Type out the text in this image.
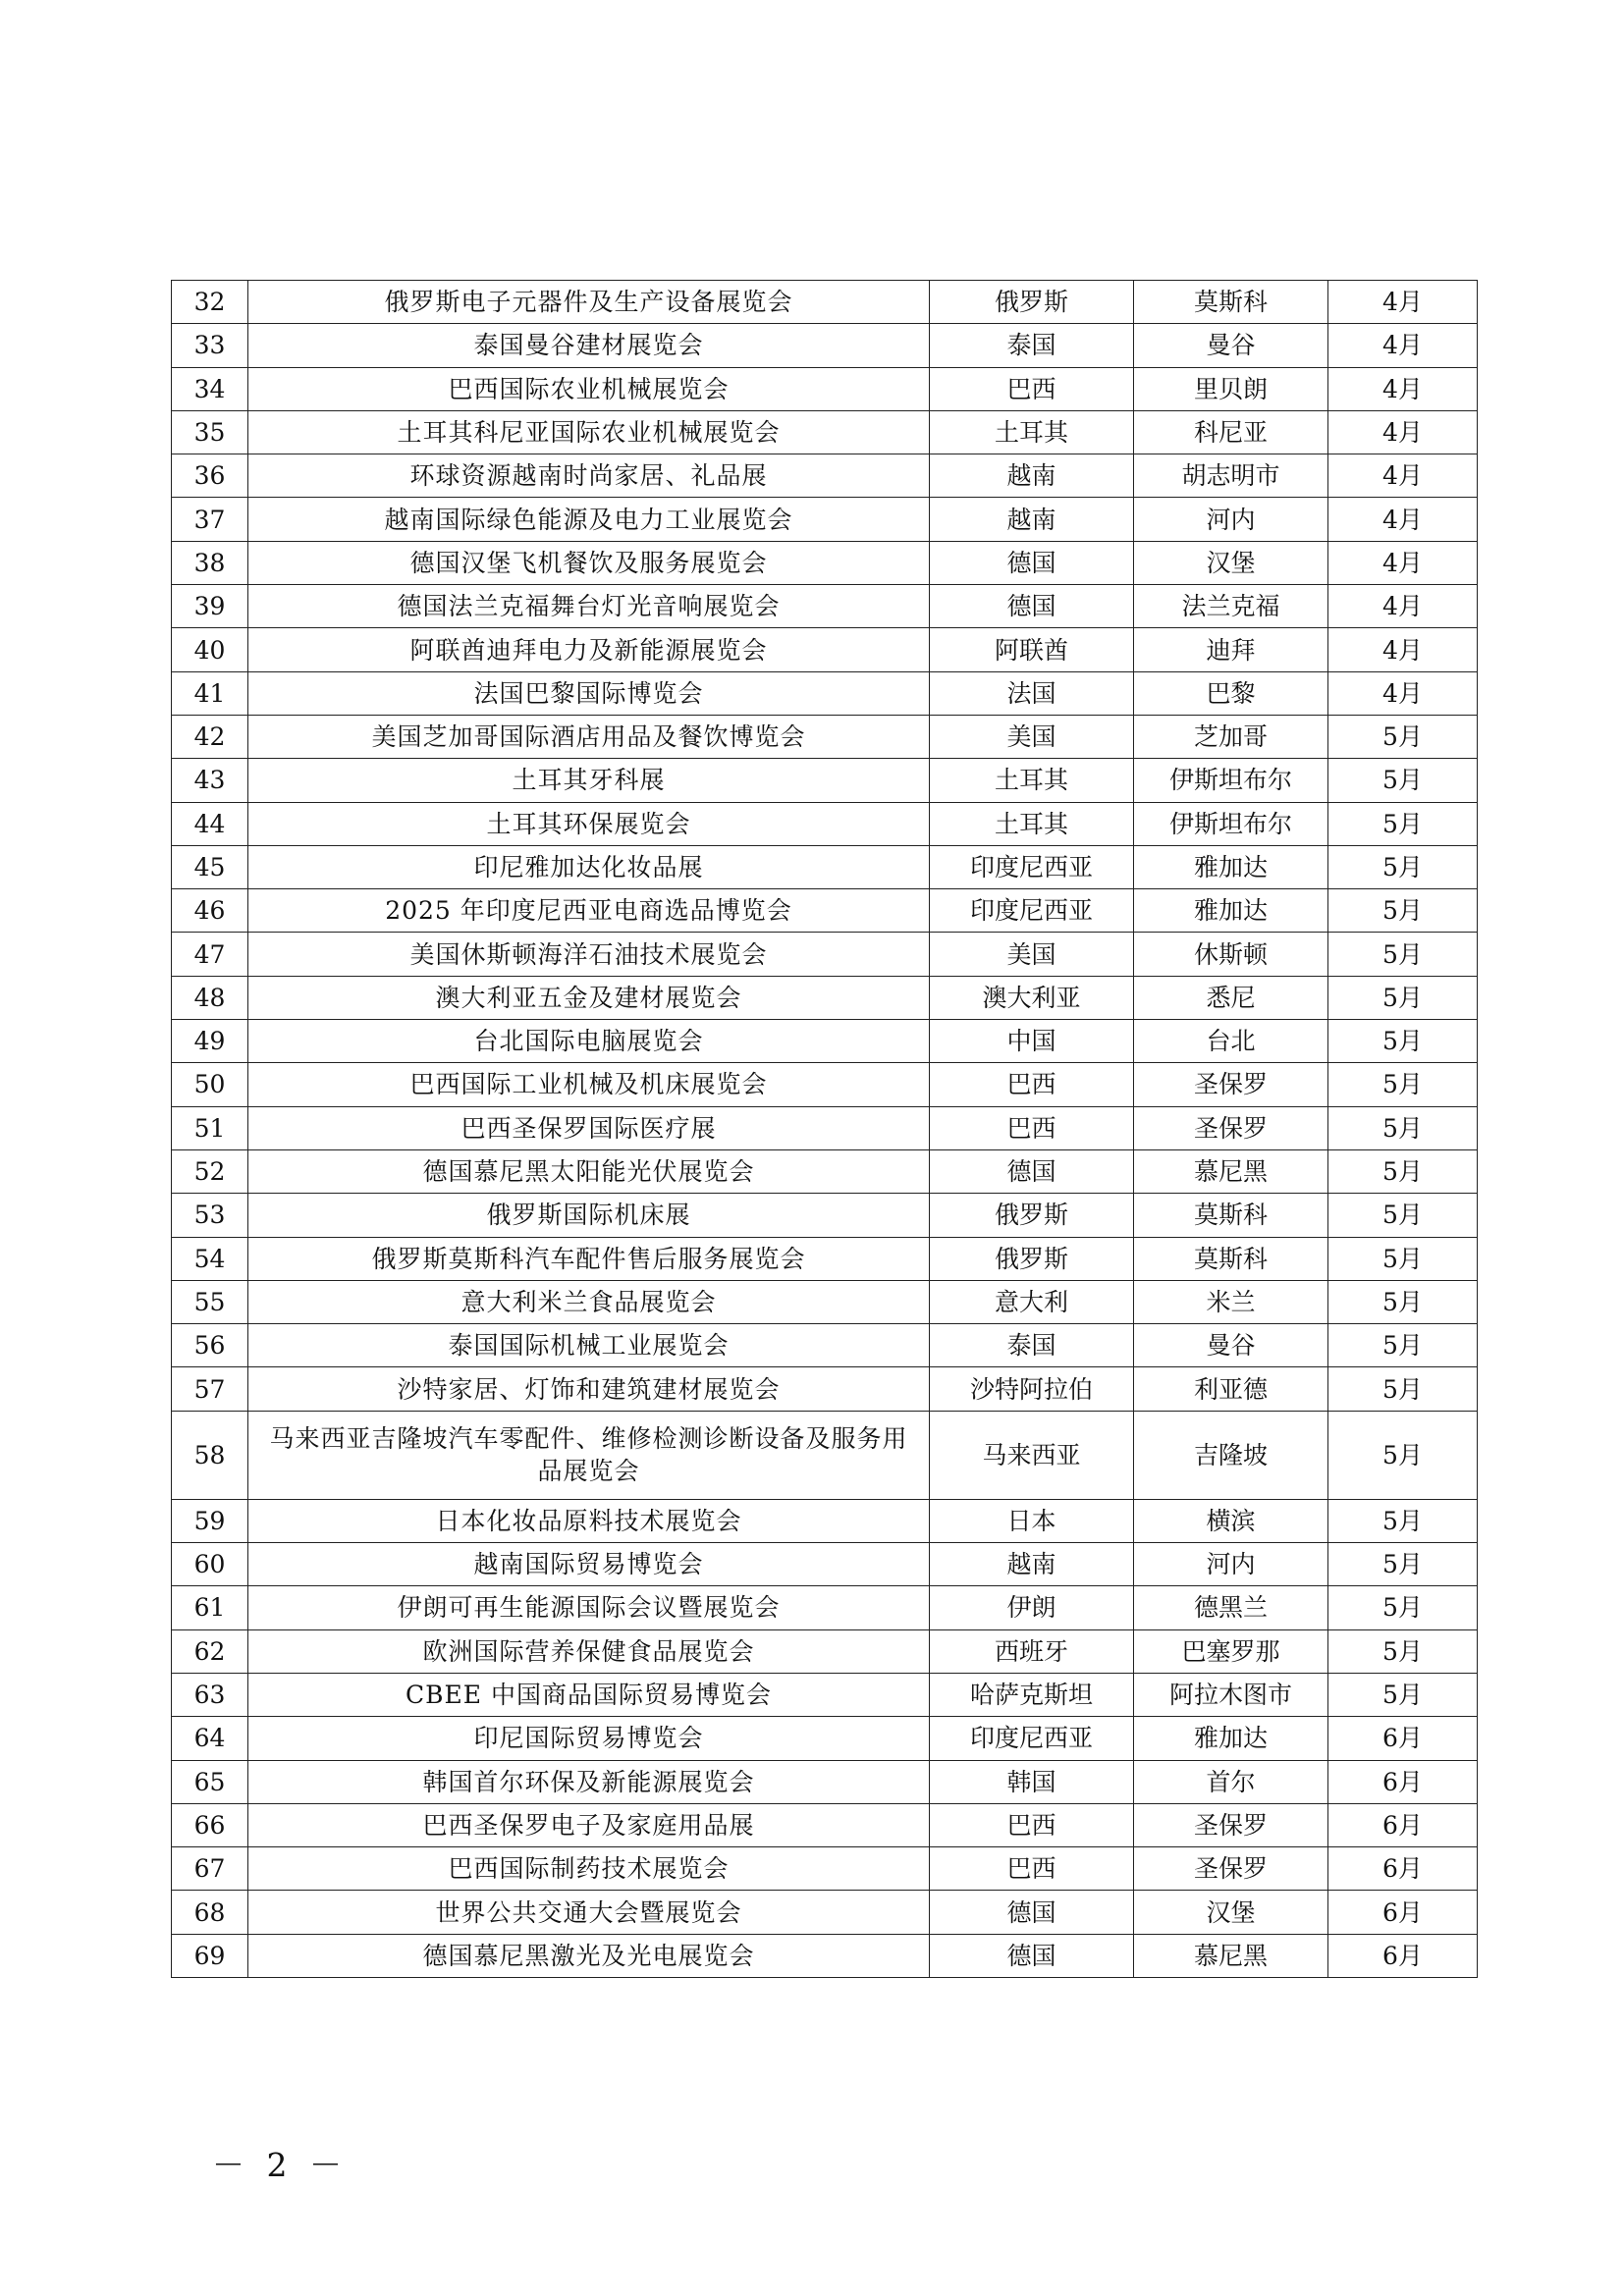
32	俄罗斯电子元器件及生产设备展览会	俄罗斯	莫斯科	4月
33	泰国曼谷建材展览会	泰国	曼谷	4月
34	巴西国际农业机械展览会	巴西	里贝朗	4月
35	土耳其科尼亚国际农业机械展览会	土耳其	科尼亚	4月
36	环球资源越南时尚家居、礼品展	越南	胡志明市	4月
37	越南国际绿色能源及电力工业展览会	越南	河内	4月
38	德国汉堡飞机餐饮及服务展览会	德国	汉堡	4月
39	德国法兰克福舞台灯光音响展览会	德国	法兰克福	4月
40	阿联酋迪拜电力及新能源展览会	阿联酋	迪拜	4月
41	法国巴黎国际博览会	法国	巴黎	4月
42	美国芝加哥国际酒店用品及餐饮博览会	美国	芝加哥	5月
43	土耳其牙科展	土耳其	伊斯坦布尔	5月
44	土耳其环保展览会	土耳其	伊斯坦布尔	5月
45	印尼雅加达化妆品展	印度尼西亚	雅加达	5月
46	2025 年印度尼西亚电商选品博览会	印度尼西亚	雅加达	5月
47	美国休斯顿海洋石油技术展览会	美国	休斯顿	5月
48	澳大利亚五金及建材展览会	澳大利亚	悉尼	5月
49	台北国际电脑展览会	中国	台北	5月
50	巴西国际工业机械及机床展览会	巴西	圣保罗	5月
51	巴西圣保罗国际医疗展	巴西	圣保罗	5月
52	德国慕尼黑太阳能光伏展览会	德国	慕尼黑	5月
53	俄罗斯国际机床展	俄罗斯	莫斯科	5月
54	俄罗斯莫斯科汽车配件售后服务展览会	俄罗斯	莫斯科	5月
55	意大利米兰食品展览会	意大利	米兰	5月
56	泰国国际机械工业展览会	泰国	曼谷	5月
57	沙特家居、灯饰和建筑建材展览会	沙特阿拉伯	利亚德	5月
58	马来西亚吉隆坡汽车零配件、维修检测诊断设备及服务用品展览会	马来西亚	吉隆坡	5月
59	日本化妆品原料技术展览会	日本	横滨	5月
60	越南国际贸易博览会	越南	河内	5月
61	伊朗可再生能源国际会议暨展览会	伊朗	德黑兰	5月
62	欧洲国际营养保健食品展览会	西班牙	巴塞罗那	5月
63	CBEE 中国商品国际贸易博览会	哈萨克斯坦	阿拉木图市	5月
64	印尼国际贸易博览会	印度尼西亚	雅加达	6月
65	韩国首尔环保及新能源展览会	韩国	首尔	6月
66	巴西圣保罗电子及家庭用品展	巴西	圣保罗	6月
67	巴西国际制药技术展览会	巴西	圣保罗	6月
68	世界公共交通大会暨展览会	德国	汉堡	6月
69	德国慕尼黑激光及光电展览会	德国	慕尼黑	6月
－ 2 －
